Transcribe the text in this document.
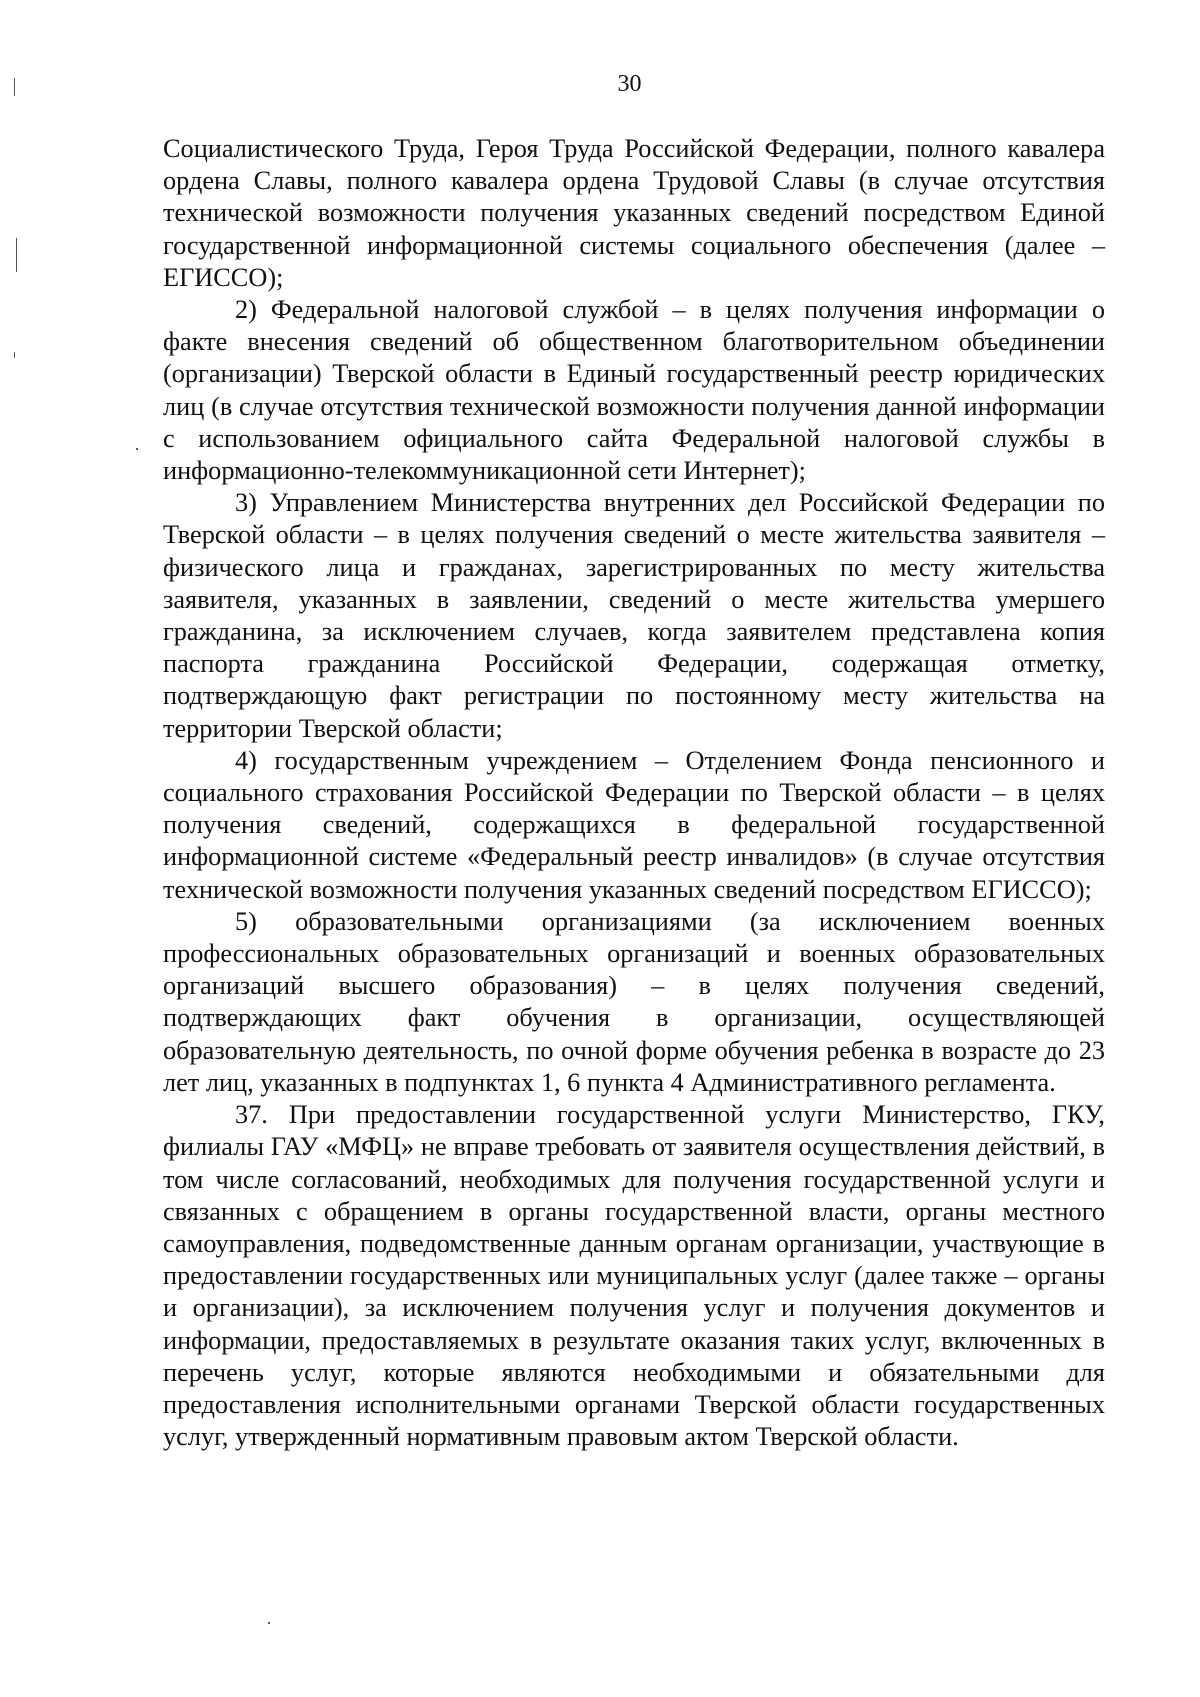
30

Социалистического Труда, Героя Труда Российской Федерации, полного кавалера ордена Славы, полного кавалера ордена Трудовой Славы (в случае отсутствия технической возможности получения указанных сведений посредством Единой государственной информационной системы социального обеспечения (далее – ЕГИССО);

2) Федеральной налоговой службой – в целях получения информации о факте внесения сведений об общественном благотворительном объединении (организации) Тверской области в Единый государственный реестр юридических лиц (в случае отсутствия технической возможности получения данной информации с использованием официального сайта Федеральной налоговой службы в информационно-телекоммуникационной сети Интернет);

3) Управлением Министерства внутренних дел Российской Федерации по Тверской области – в целях получения сведений о месте жительства заявителя – физического лица и гражданах, зарегистрированных по месту жительства заявителя, указанных в заявлении, сведений о месте жительства умершего гражданина, за исключением случаев, когда заявителем представлена копия паспорта гражданина Российской Федерации, содержащая отметку, подтверждающую факт регистрации по постоянному месту жительства на территории Тверской области;

4) государственным учреждением – Отделением Фонда пенсионного и социального страхования Российской Федерации по Тверской области – в целях получения сведений, содержащихся в федеральной государственной информационной системе «Федеральный реестр инвалидов» (в случае отсутствия технической возможности получения указанных сведений посредством ЕГИССО);

5) образовательными организациями (за исключением военных профессиональных образовательных организаций и военных образовательных организаций высшего образования) – в целях получения сведений, подтверждающих факт обучения в организации, осуществляющей образовательную деятельность, по очной форме обучения ребенка в возрасте до 23 лет лиц, указанных в подпунктах 1, 6 пункта 4 Административного регламента.

37. При предоставлении государственной услуги Министерство, ГКУ, филиалы ГАУ «МФЦ» не вправе требовать от заявителя осуществления действий, в том числе согласований, необходимых для получения государственной услуги и связанных с обращением в органы государственной власти, органы местного самоуправления, подведомственные данным органам организации, участвующие в предоставлении государственных или муниципальных услуг (далее также – органы и организации), за исключением получения услуг и получения документов и информации, предоставляемых в результате оказания таких услуг, включенных в перечень услуг, которые являются необходимыми и обязательными для предоставления исполнительными органами Тверской области государственных услуг, утвержденный нормативным правовым актом Тверской области.
